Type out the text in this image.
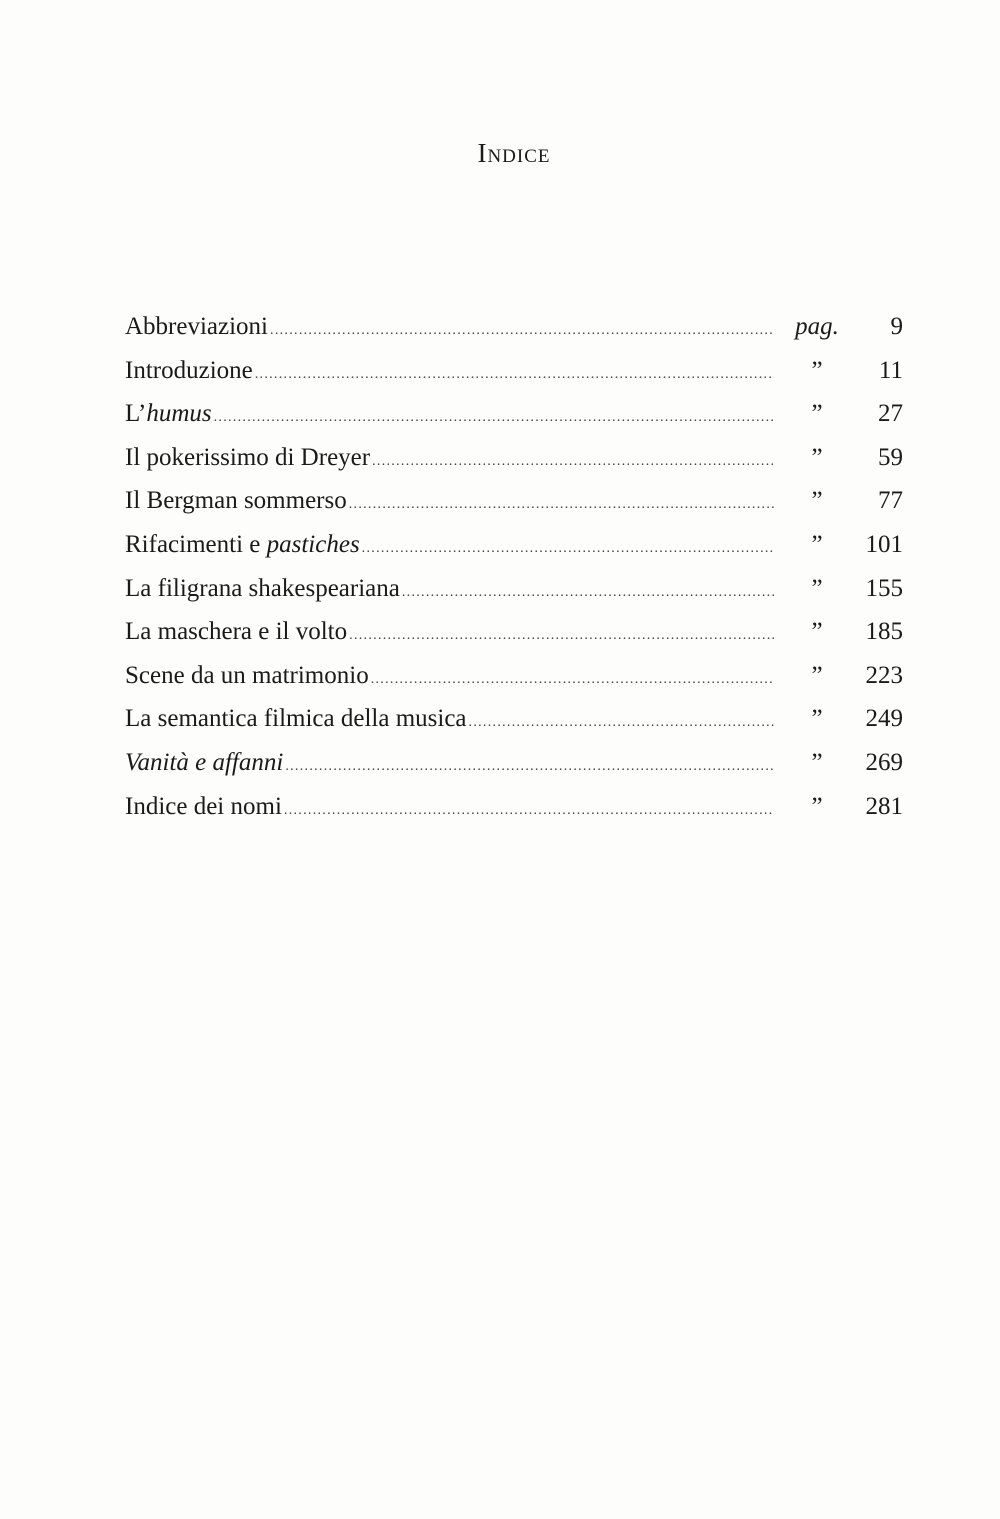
Indice
Abbreviazioni .....	pag.	9
Introduzione .....	”	11
L’humus .....	”	27
Il pokerissimo di Dreyer .....	”	59
Il Bergman sommerso .....	”	77
Rifacimenti e pastiches .....	”	101
La filigrana shakespeariana .....	”	155
La maschera e il volto .....	”	185
Scene da un matrimonio .....	”	223
La semantica filmica della musica .....	”	249
Vanità e affanni .....	”	269
Indice dei nomi .....	”	281
